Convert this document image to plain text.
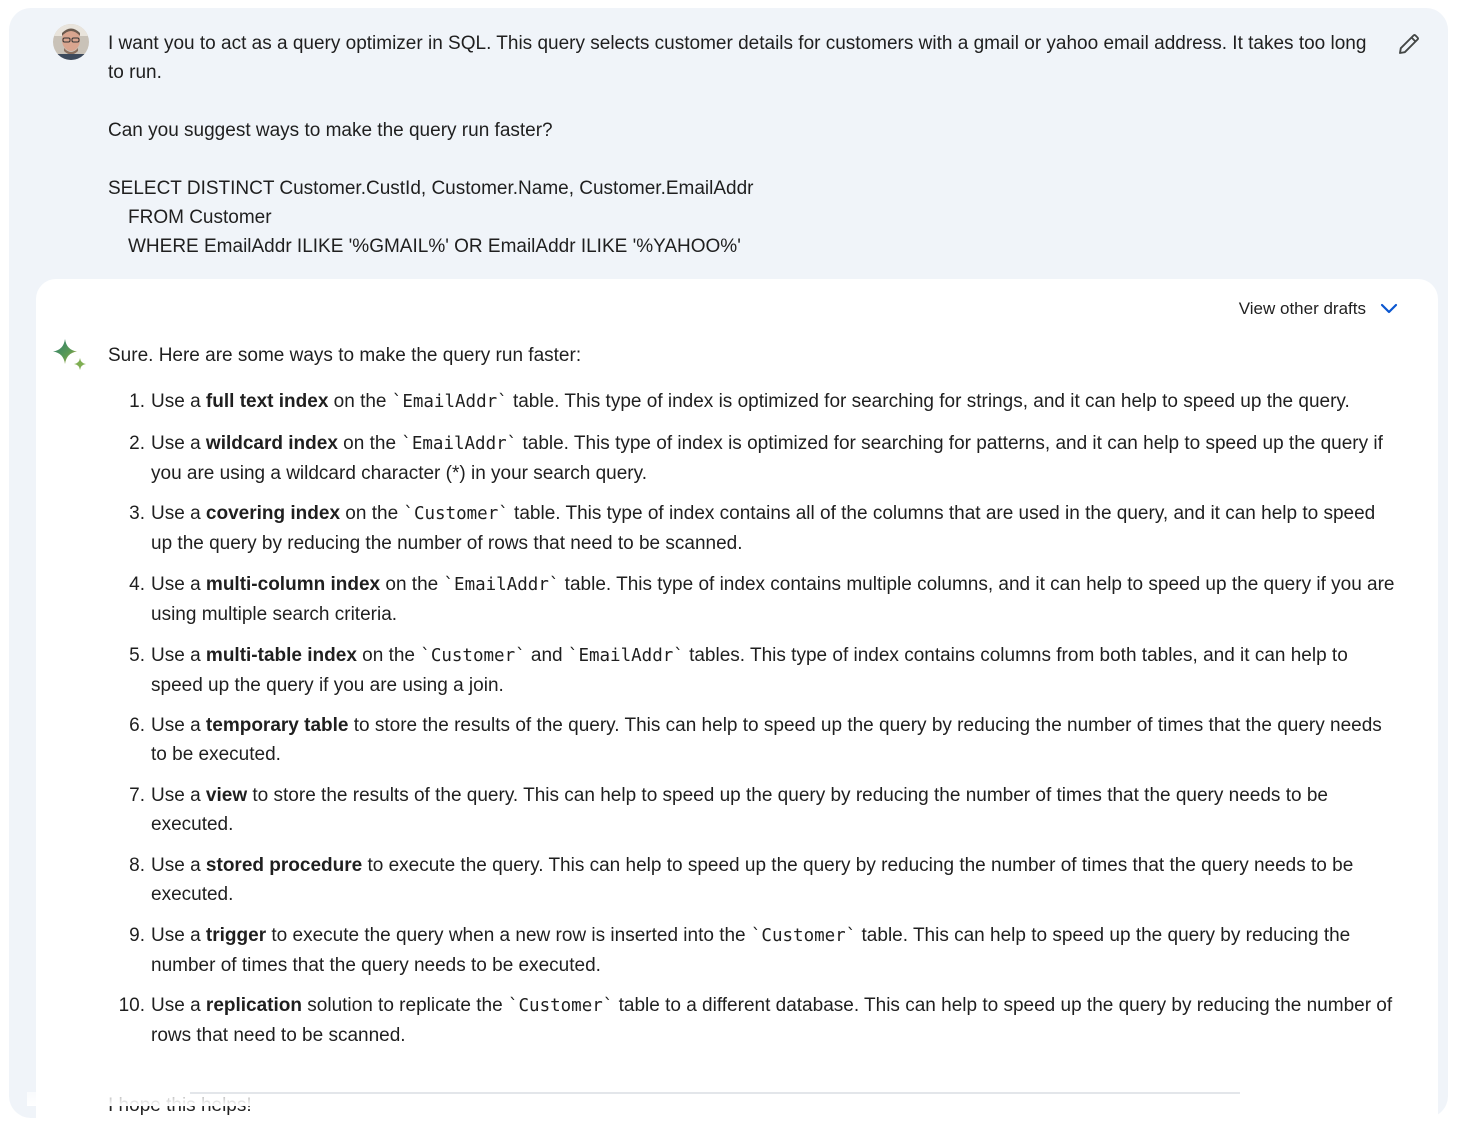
I want you to act as a query optimizer in SQL. This query selects customer details for customers with a gmail or yahoo email address. It takes too long to run.

Can you suggest ways to make the query run faster?

SELECT DISTINCT Customer.CustId, Customer.Name, Customer.EmailAddr

FROM Customer

WHERE EmailAddr ILIKE '%GMAIL%' OR EmailAddr ILIKE '%YAHOO%'

View other drafts

Sure. Here are some ways to make the query run faster:

1. Use a full text index on the `EmailAddr` table. This type of index is optimized for searching for strings, and it can help to speed up the query.
2. Use a wildcard index on the `EmailAddr` table. This type of index is optimized for searching for patterns, and it can help to speed up the query if you are using a wildcard character (*) in your search query.
3. Use a covering index on the `Customer` table. This type of index contains all of the columns that are used in the query, and it can help to speed up the query by reducing the number of rows that need to be scanned.
4. Use a multi-column index on the `EmailAddr` table. This type of index contains multiple columns, and it can help to speed up the query if you are using multiple search criteria.
5. Use a multi-table index on the `Customer` and `EmailAddr` tables. This type of index contains columns from both tables, and it can help to speed up the query if you are using a join.
6. Use a temporary table to store the results of the query. This can help to speed up the query by reducing the number of times that the query needs to be executed.
7. Use a view to store the results of the query. This can help to speed up the query by reducing the number of times that the query needs to be executed.
8. Use a stored procedure to execute the query. This can help to speed up the query by reducing the number of times that the query needs to be executed.
9. Use a trigger to execute the query when a new row is inserted into the `Customer` table. This can help to speed up the query by reducing the number of times that the query needs to be executed.
10. Use a replication solution to replicate the `Customer` table to a different database. This can help to speed up the query by reducing the number of rows that need to be scanned.
